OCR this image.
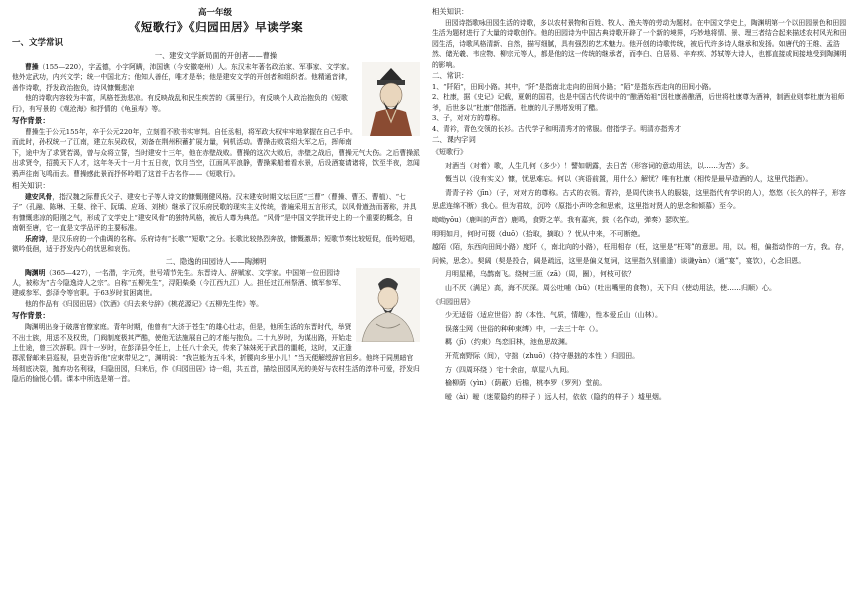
高一年级
《短歌行》《归园田居》早读学案

一、文学常识

一、建安文学新局面的开创者——曹操

曹操（155—220），字孟德，小字阿瞒，沛国谯（今安徽亳州）人。东汉末年著名政治家、军事家、文学家。他外定武功，内兴文学；统一中国北方；他知人善任，唯才是举；他是建安文学的开创者和组织者。他精通音律，善作诗歌，抒发政治抱负，诗风慷慨悲凉

他的诗歌内容较为丰富，风格苍劲悲凉。有反映战乱和民生疾苦的《蒿里行》，有反映个人政治抱负的《短歌行》，有写景的《观沧海》和抒情的《龟虽寿》等。

写作背景：

曹操生于公元155年，卒于公元220年，立刻看不欧书实审判。自任丞相，将军政大权牢牢地掌握在自己手中。而此时，孙权统一了江南，建立东吴政权，刘备在荆州积蓄扩展力量，伺机活动。曹操击败袁绍大军之后，挥师南下，途中为了求贤若渴，曾与众将立誓，当时建安十三年，他在赤壁战败。曹操的这次大败后，赤壁之战后，曹操元气大伤。之后曹操派出求贤令，招揽天下人才，这年冬天十一月十五日夜，饮月当空，江面风平浪静，曹操乘船着看水景，后设酒宴请诸将，饮至半夜，忽闻鸦声往南飞鸣而去。曹操感此景而抒怀吟唱了这首千古名作——《短歌行》。

相关知识：

建安风骨，指汉魏之际曹氏父子、建安七子等人诗文的慷慨刚健风格。汉末建安时期文坛巨匠“三曹”（曹操、曹丕、曹植）、“七子”（孔融、陈琳、王粲、徐干、阮瑀、应玚、刘桢）继承了汉乐府民歌的现实主义传统，普遍采用五言形式，以风骨遒劲而著称，并具有慷慨悲凉的阳刚之气，形成了文学史上“建安风骨”的独特风格，被后人尊为典范。“风骨”是中国文学批评史上的一个重要的概念，自南朝至唐，它一直是文学品评的主要标准。

乐府诗，是汉乐府的一个曲调的名称。乐府诗有“长歌”“短歌”之分。长歌比较热烈奔放，慷慨激昂；短歌节奏比较短促，低吟短唱，微吟低徊，适于抒发内心的忧思和哀伤。

二、隐逸的田园诗人——陶渊明

陶渊明（365—427），一名潜，字元亮，世号靖节先生。东晋诗人、辞赋家、文学家。中国第一位田园诗人，被称为“古今隐逸诗人之宗”。自称“五柳先生”，浔阳柴桑（今江西九江）人。担任过江州祭酒、镇军参军、建威参军、彭泽令等官职。于63岁时贫困离世。

他的作品有《归园田居》《饮酒》《归去来兮辞》《桃花源记》《五柳先生传》等。

写作背景：

陶渊明出身于破落官僚家庭。青年时期，他曾有“大济于苍生”的雄心壮志，但是，他所生活的东晋时代，举贤不出士族，用送不及权贵，门阀制度极其严酷，使他无法施展自己的才能与抱负。二十九岁时，为谋出路，开始走上仕途，曾三次辞职。四十一岁时，在彭泽县令任上，上任八十余天，传来了妹妹死于武昌的噩耗，这时，又正逢郡派督邮来县巡视，县吏告诉他“应束带见之”，渊明说：“我岂能为五斗米，折腰向乡里小儿！”当天便解绶辞官回乡。他终于同黑暗官场彻底决裂，抛弃功名利禄，归隐田园，归来后，作《归园田居》诗一组，共五首，描绘田园风光的美好与农村生活的淳朴可爱，抒发归隐后的愉悦心情。课本中所选是第一首。

相关知识：

田园诗指歌咏田园生活的诗歌，多以农村景物和百姓、牧人、渔夫等的劳动为题材。在中国文学史上，陶渊明第一个以田园景色和田园生活为题材进行了大量的诗歌创作。他的田园诗为中国古典诗歌开辟了一个新的境界，巧妙地将情、景、理三者结合起来描述农村风光和田园生活，诗歌风格清新、自然，描写细腻，具有强烈的艺术魅力。他开创的诗歌传统，被后代许多诗人继承和发扬。如唐代的王维、孟浩然、储光羲、韦应物、柳宗元等人，都是他的这一传统的继承者，而李白、白居易、辛弃疾、苏轼等大诗人，也都直接或间接地受到陶渊明的影响。

二、常识：

1、“阡陌”，田间小路。其中，“阡”是指南北走向的田间小路；“陌”是指东西走向的田间小路。

2、杜康，据《史记》记载，夏朝的国君，也是中国古代传说中的“酿酒始祖”因杜康善酿酒，后世将杜康尊为酒神，制酒业则奉杜康为祖师爷，后世多以“杜康”借指酒。杜康的儿子黑塔发明了醋。

3、子，对对方的尊称。

4、青衿，青色交领的长衫。古代学子和明清秀才的常服。借指学子。明清亦指秀才

二、课内字词

《短歌行》

对酒当（对着）歌，人生几何（多少）！譬如朝露，去日苦（形容词的意动用法，以……为苦）多。

慨当以（没有实义）慷，忧思难忘。何以（宾语前置，用什么）解忧？唯有杜康（相传是最早造酒的人，这里代指酒）。

青青子衿（jīn）（子，对对方的尊称。古式的衣领。青衿，是周代读书人的服装，这里指代有学识的人），悠悠（长久的样子，形容思虑连绵不断）我心。但为君故，沉吟（原指小声吟念和思索，这里指对贤人的思念和倾慕）至今。

呦呦yōu）（鹿叫的声音）鹿鸣，食野之苹。我有嘉宾，鼓（名作动，弹奏）瑟吹笙。

明明如月，何时可掇（duō）（拾取，摘取）？忧从中来，不可断绝。

越陌（陌，东西向田间小路）度阡（，南北向的小路），枉用相存（枉，这里是“枉驾”的意思。用，以。相，偏指动作的一方，我。存，问候，思念）。契阔（契是投合，阔是疏远，这里是偏义复词，这里指久别重逢）谈谦yàn）（通“宴”，宴饮），心念旧恩。

月明星稀，乌鹊南飞。绕树三匝（zā）（周，圈），何枝可依？

山不厌（满足）高，海不厌深。周公吐哺（bǔ）（吐出嘴里的食物），天下归（使动用法，使……归顺）心。

《归园田居》

少无适俗（适应世俗）韵（本性、气质，情趣），性本爱丘山（山林）。

误落尘网（世俗的种种束缚）中，一去三十年（）。

羁（jī）（约束）鸟恋旧林，池鱼思故渊。

开荒南野际（间），守拙（zhuō）（持守愚拙的本性 ）归园田。

方（四周环绕 ）宅十余亩，草屋八九间。

榆柳荫（yìn）（荫蔽）后檐，桃李罗（罗列）堂前。

暧（ài）暧（迷蒙隐约的样子 ）远人村，依依（隐约的样子 ）墟里烟。
